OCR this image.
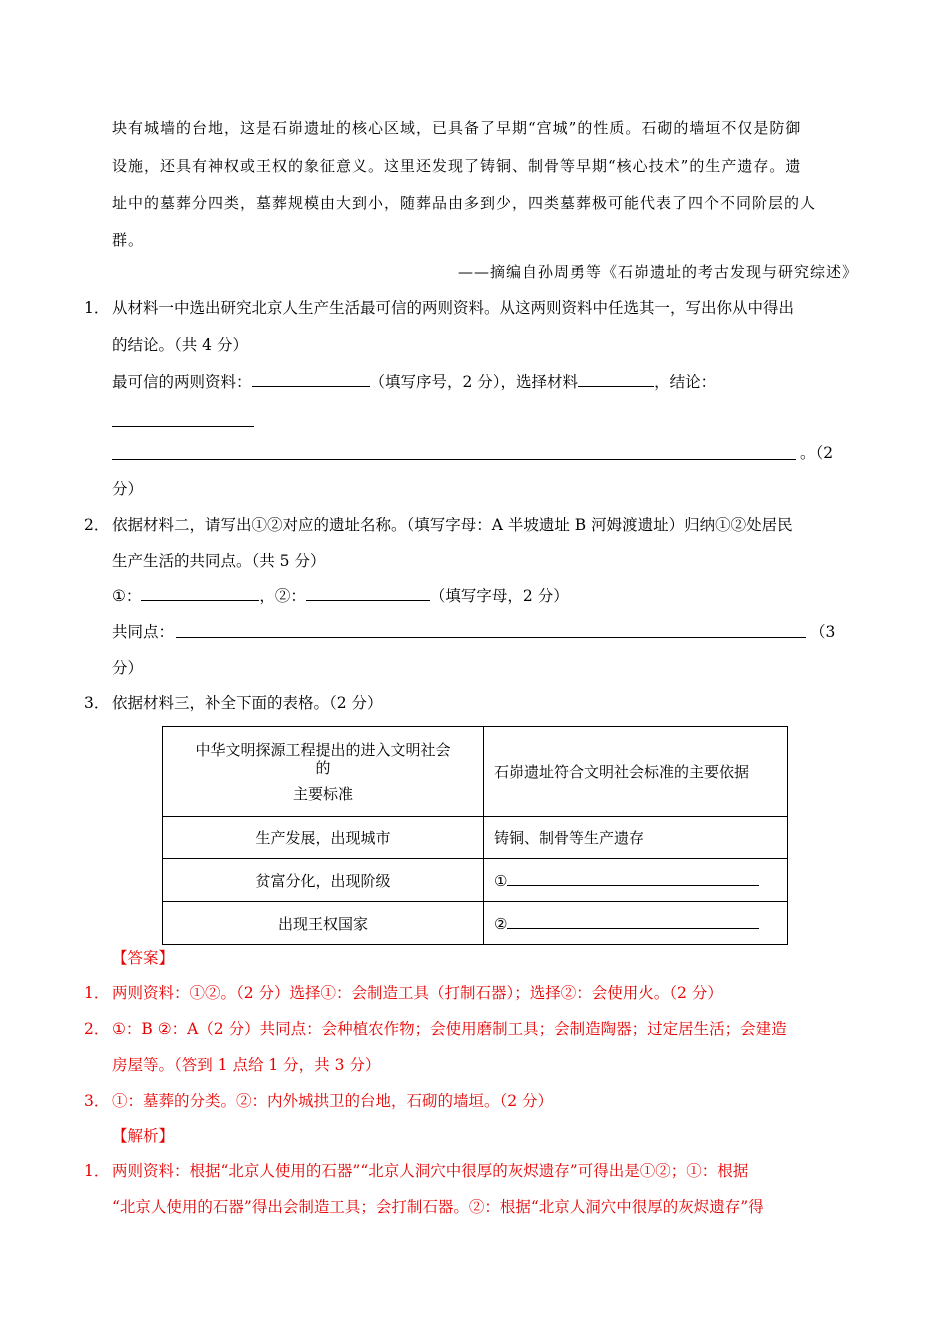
块有城墙的台地，这是石峁遗址的核心区域，已具备了早期“宫城”的性质。石砌的墙垣不仅是防御
设施，还具有神权或王权的象征意义。这里还发现了铸铜、制骨等早期“核心技术”的生产遗存。遗
址中的墓葬分四类，墓葬规模由大到小，随葬品由多到少，四类墓葬极可能代表了四个不同阶层的人
群。
——摘编自孙周勇等《石峁遗址的考古发现与研究综述》
1． 从材料一中选出研究北京人生产生活最可信的两则资料。从这两则资料中任选其一，写出你从中得出
的结论。（共 4 分）
最可信的两则资料：	（填写序号，2 分），选择材料	，结论：
。（2
分）
2． 依据材料二，请写出①②对应的遗址名称。（填写字母：A 半坡遗址 B 河姆渡遗址）归纳①②处居民
生产生活的共同点。（共 5 分）
①：	，②：	（填写字母，2 分）
共同点：	（3
分）
3． 依据材料三，补全下面的表格。（2 分）
中华文明探源工程提出的进入文明社会
的
主要标准	石峁遗址符合文明社会标准的主要依据
生产发展，出现城市	铸铜、制骨等生产遗存
贫富分化，出现阶级	①
出现王权国家	②
【答案】
1． 两则资料：①②。（2 分）选择①：会制造工具（打制石器）；选择②：会使用火。（2 分）
2． ①：B ②：A（2 分）共同点：会种植农作物；会使用磨制工具；会制造陶器；过定居生活；会建造
房屋等。（答到 1 点给 1 分，共 3 分）
3． ①：墓葬的分类。②：内外城拱卫的台地，石砌的墙垣。（2 分）
【解析】
1． 两则资料：根据“北京人使用的石器”“北京人洞穴中很厚的灰烬遗存”可得出是①②；①：根据
“北京人使用的石器”得出会制造工具；会打制石器。②：根据“北京人洞穴中很厚的灰烬遗存”得
